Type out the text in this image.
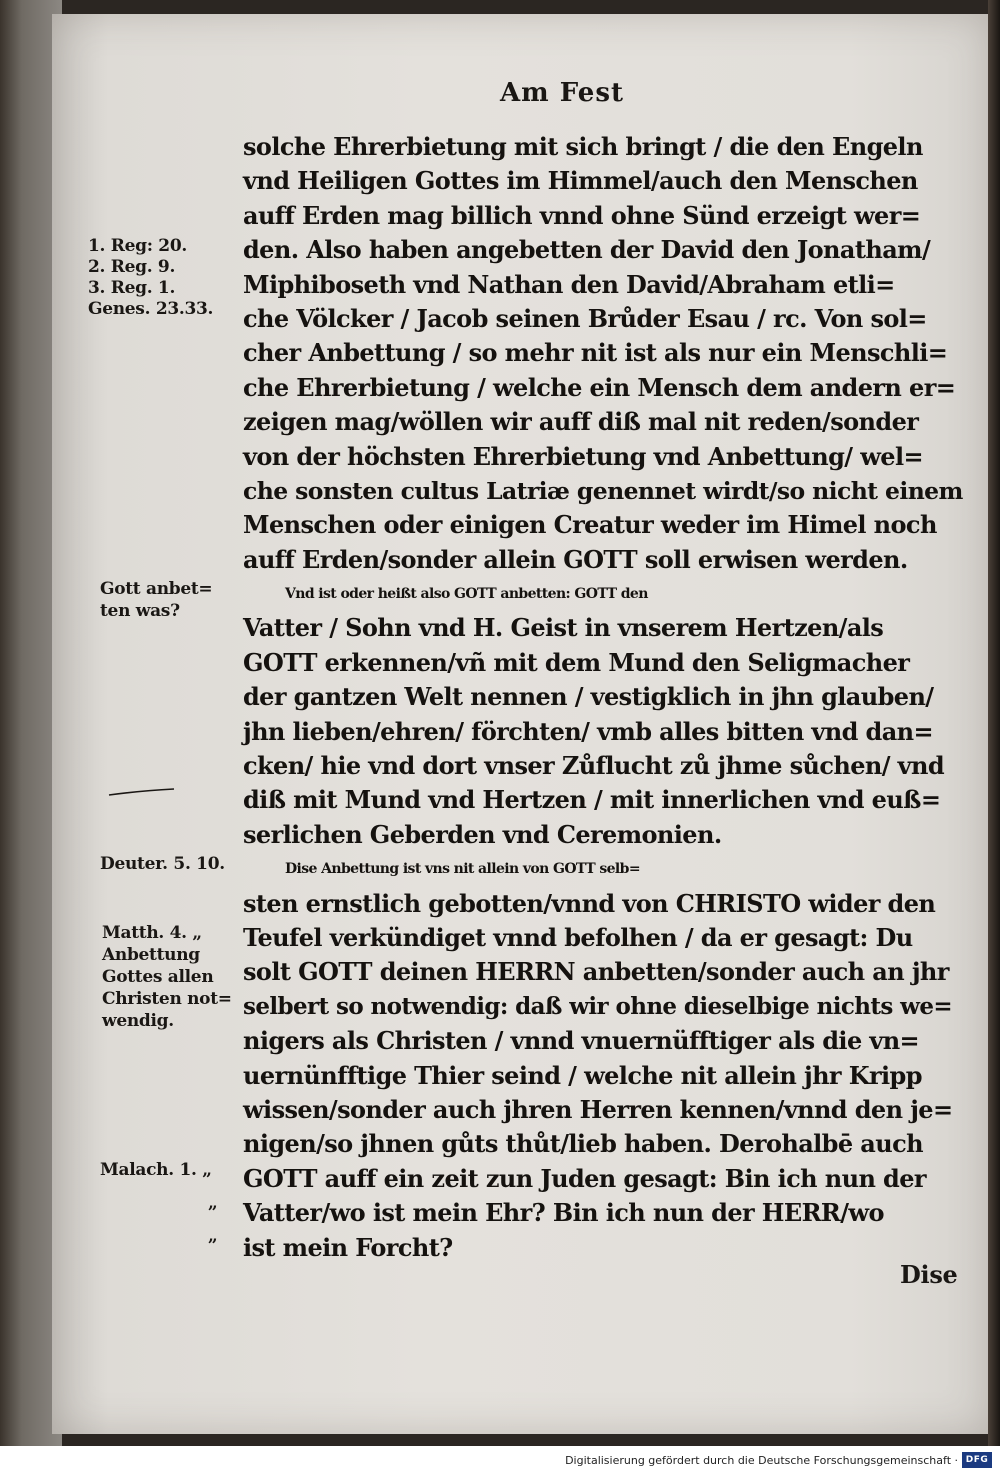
Am Fest
solche Ehrerbietung mit sich bringt / die den Engeln
vnd Heiligen Gottes im Himmel/auch den Menschen
auff Erden mag billich vnnd ohne Sünd erzeigt wer=
den. Also haben angebetten der David den Jonatham/
Miphiboseth vnd Nathan den David/Abraham etli=
che Völcker / Jacob seinen Brůder Esau / rc. Von sol=
cher Anbettung / so mehr nit ist als nur ein Menschli=
che Ehrerbietung / welche ein Mensch dem andern er=
zeigen mag/wöllen wir auff diß mal nit reden/sonder
von der höchsten Ehrerbietung vnd Anbettung/ wel=
che sonsten cultus Latriæ genennet wirdt/so nicht einem
Menschen oder einigen Creatur weder im Himel noch
auff Erden/sonder allein GOTT soll erwisen werden.
Vnd ist oder heißt also GOTT anbetten: GOTT den
Vatter / Sohn vnd H. Geist in vnserem Hertzen/als
GOTT erkennen/vñ mit dem Mund den Seligmacher
der gantzen Welt nennen / vestigklich in jhn glauben/
jhn lieben/ehren/ förchten/ vmb alles bitten vnd dan=
cken/ hie vnd dort vnser Zůflucht zů jhme sůchen/ vnd
diß mit Mund vnd Hertzen / mit innerlichen vnd euß=
serlichen Geberden vnd Ceremonien.
Dise Anbettung ist vns nit allein von GOTT selb=
sten ernstlich gebotten/vnnd von CHRISTO wider den
Teufel verkündiget vnnd befolhen / da er gesagt: Du
solt GOTT deinen HERRN anbetten/sonder auch an jhr
selbert so notwendig: daß wir ohne dieselbige nichts we=
nigers als Christen / vnnd vnuernüfftiger als die vn=
uernünfftige Thier seind / welche nit allein jhr Kripp
wissen/sonder auch jhren Herren kennen/vnnd den je=
nigen/so jhnen gůts thůt/lieb haben. Derohalbē auch
GOTT auff ein zeit zun Juden gesagt: Bin ich nun der
Vatter/wo ist mein Ehr? Bin ich nun der HERR/wo
ist mein Forcht?
1. Reg: 20.
2. Reg. 9.
3. Reg. 1.
Genes. 23.33.
Gott anbet=
ten was?
Deuter. 5. 10.
Matth. 4. „
Anbettung
Gottes allen
Christen not=
wendig.
Malach. 1. „
„
„
Dise
Digitalisierung gefördert durch die Deutsche Forschungsgemeinschaft · DFG
